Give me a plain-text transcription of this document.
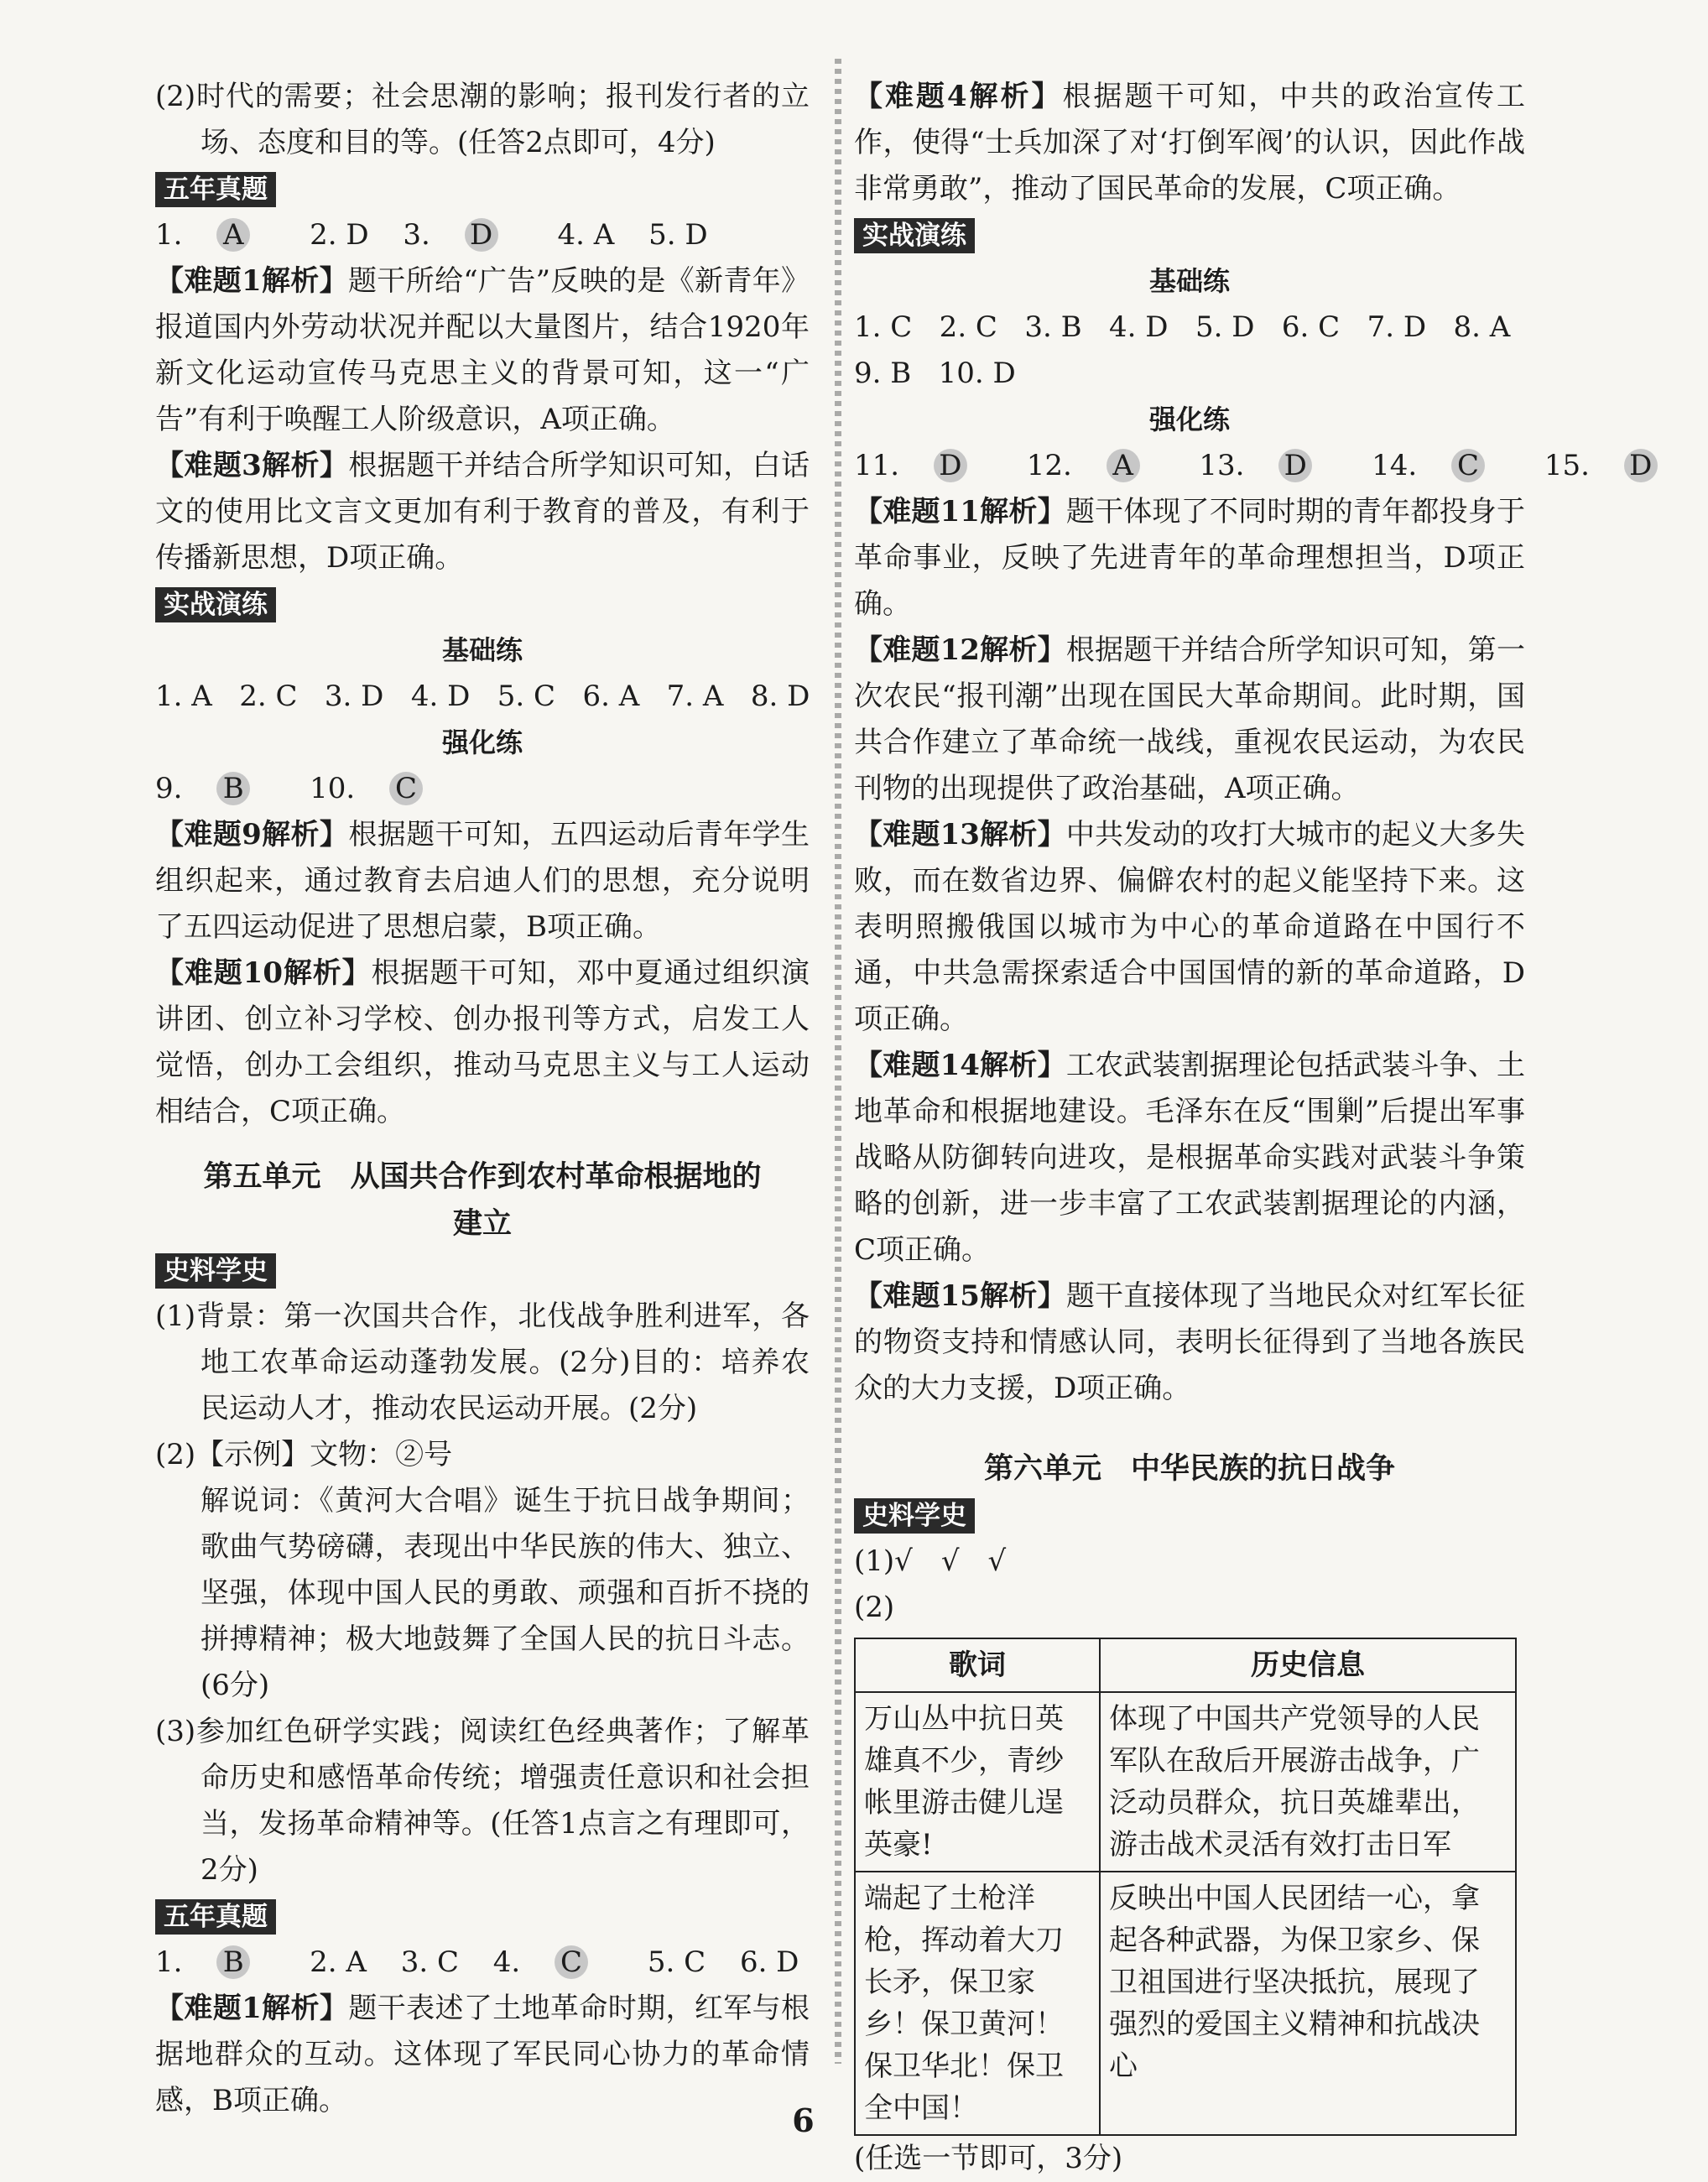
(2)时代的需要；社会思潮的影响；报刊发行者的立场、态度和目的等。(任答2点即可，4分)

五年真题

1. A 2. D 3. D 4. A 5. D

【难题1解析】题干所给“广告”反映的是《新青年》报道国内外劳动状况并配以大量图片，结合1920年新文化运动宣传马克思主义的背景可知，这一“广告”有利于唤醒工人阶级意识，A项正确。

【难题3解析】根据题干并结合所学知识可知，白话文的使用比文言文更加有利于教育的普及，有利于传播新思想，D项正确。

实战演练

基础练

1. A   2. C   3. D   4. D   5. C   6. A   7. A   8. D

强化练

9. B 10. C

【难题9解析】根据题干可知，五四运动后青年学生组织起来，通过教育去启迪人们的思想，充分说明了五四运动促进了思想启蒙，B项正确。

【难题10解析】根据题干可知，邓中夏通过组织演讲团、创立补习学校、创办报刊等方式，启发工人觉悟，创办工会组织，推动马克思主义与工人运动相结合，C项正确。

第五单元　从国共合作到农村革命根据地的
建立

史料学史

(1)背景：第一次国共合作，北伐战争胜利进军，各地工农革命运动蓬勃发展。(2分)目的：培养农民运动人才，推动农民运动开展。(2分)

(2)【示例】文物：②号

解说词：《黄河大合唱》诞生于抗日战争期间；歌曲气势磅礴，表现出中华民族的伟大、独立、坚强，体现中国人民的勇敢、顽强和百折不挠的拼搏精神；极大地鼓舞了全国人民的抗日斗志。(6分)

(3)参加红色研学实践；阅读红色经典著作；了解革命历史和感悟革命传统；增强责任意识和社会担当，发扬革命精神等。(任答1点言之有理即可，2分)

五年真题

1. B 2. A 3. C 4. C 5. C 6. D

【难题1解析】题干表述了土地革命时期，红军与根据地群众的互动。这体现了军民同心协力的革命情感，B项正确。

【难题4解析】根据题干可知，中共的政治宣传工作，使得“士兵加深了对‘打倒军阀’的认识，因此作战非常勇敢”，推动了国民革命的发展，C项正确。

实战演练

基础练

1. C   2. C   3. B   4. D   5. D   6. C   7. D   8. A

9. B   10. D

强化练

11. D 12. A 13. D 14. C 15. D

【难题11解析】题干体现了不同时期的青年都投身于革命事业，反映了先进青年的革命理想担当，D项正确。

【难题12解析】根据题干并结合所学知识可知，第一次农民“报刊潮”出现在国民大革命期间。此时期，国共合作建立了革命统一战线，重视农民运动，为农民刊物的出现提供了政治基础，A项正确。

【难题13解析】中共发动的攻打大城市的起义大多失败，而在数省边界、偏僻农村的起义能坚持下来。这表明照搬俄国以城市为中心的革命道路在中国行不通，中共急需探索适合中国国情的新的革命道路，D项正确。

【难题14解析】工农武装割据理论包括武装斗争、土地革命和根据地建设。毛泽东在反“围剿”后提出军事战略从防御转向进攻，是根据革命实践对武装斗争策略的创新，进一步丰富了工农武装割据理论的内涵，C项正确。

【难题15解析】题干直接体现了当地民众对红军长征的物资支持和情感认同，表明长征得到了当地各族民众的大力支援，D项正确。

第六单元　中华民族的抗日战争

史料学史

(1)√　√　√

(2)

歌词	历史信息
万山丛中抗日英雄真不少，青纱帐里游击健儿逞英豪!	体现了中国共产党领导的人民军队在敌后开展游击战争，广泛动员群众，抗日英雄辈出，游击战术灵活有效打击日军
端起了土枪洋枪，挥动着大刀长矛，保卫家乡！保卫黄河！保卫华北！保卫全中国！	反映出中国人民团结一心，拿起各种武器，为保卫家乡、保卫祖国进行坚决抵抗，展现了强烈的爱国主义精神和抗战决心

(任选一节即可，3分)

6
